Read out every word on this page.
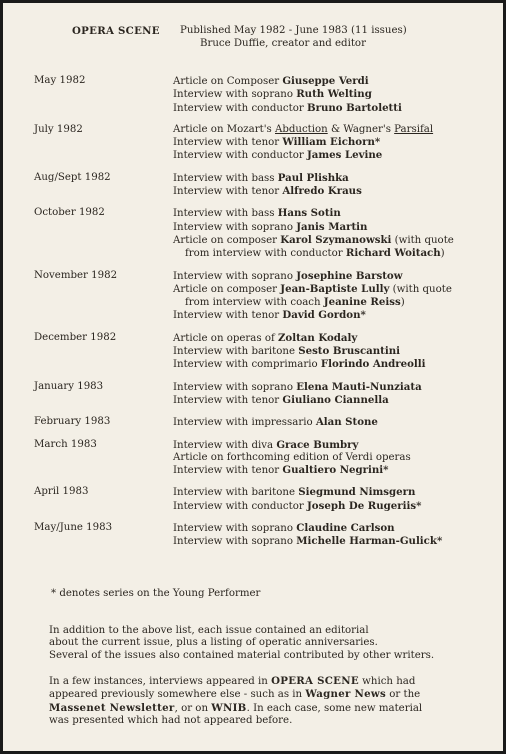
OPERA SCENE Published May 1982 - June 1983 (11 issues)
Bruce Duffie, creator and editor
May 1982	Article on Composer Giuseppe Verdi
Interview with soprano Ruth Welting
Interview with conductor Bruno Bartoletti
July 1982	Article on Mozart's Abduction & Wagner's Parsifal
Interview with tenor William Eichorn*
Interview with conductor James Levine
Aug/Sept 1982	Interview with bass Paul Plishka
Interview with tenor Alfredo Kraus
October 1982	Interview with bass Hans Sotin
Interview with soprano Janis Martin
Article on composer Karol Szymanowski (with quote
from interview with conductor Richard Woitach)
November 1982	Interview with soprano Josephine Barstow
Article on composer Jean-Baptiste Lully (with quote
from interview with coach Jeanine Reiss)
Interview with tenor David Gordon*
December 1982	Article on operas of Zoltan Kodaly
Interview with baritone Sesto Bruscantini
Interview with comprimario Florindo Andreolli
January 1983	Interview with soprano Elena Mauti-Nunziata
Interview with tenor Giuliano Ciannella
February 1983	Interview with impressario Alan Stone
March 1983	Interview with diva Grace Bumbry
Article on forthcoming edition of Verdi operas
Interview with tenor Gualtiero Negrini*
April 1983	Interview with baritone Siegmund Nimsgern
Interview with conductor Joseph De Rugeriis*
May/June 1983	Interview with soprano Claudine Carlson
Interview with soprano Michelle Harman-Gulick*
* denotes series on the Young Performer
In addition to the above list, each issue contained an editorial
about the current issue, plus a listing of operatic anniversaries.
Several of the issues also contained material contributed by other writers.
In a few instances, interviews appeared in OPERA SCENE which had
appeared previously somewhere else - such as in Wagner News or the
Massenet Newsletter, or on WNIB. In each case, some new material
was presented which had not appeared before.
